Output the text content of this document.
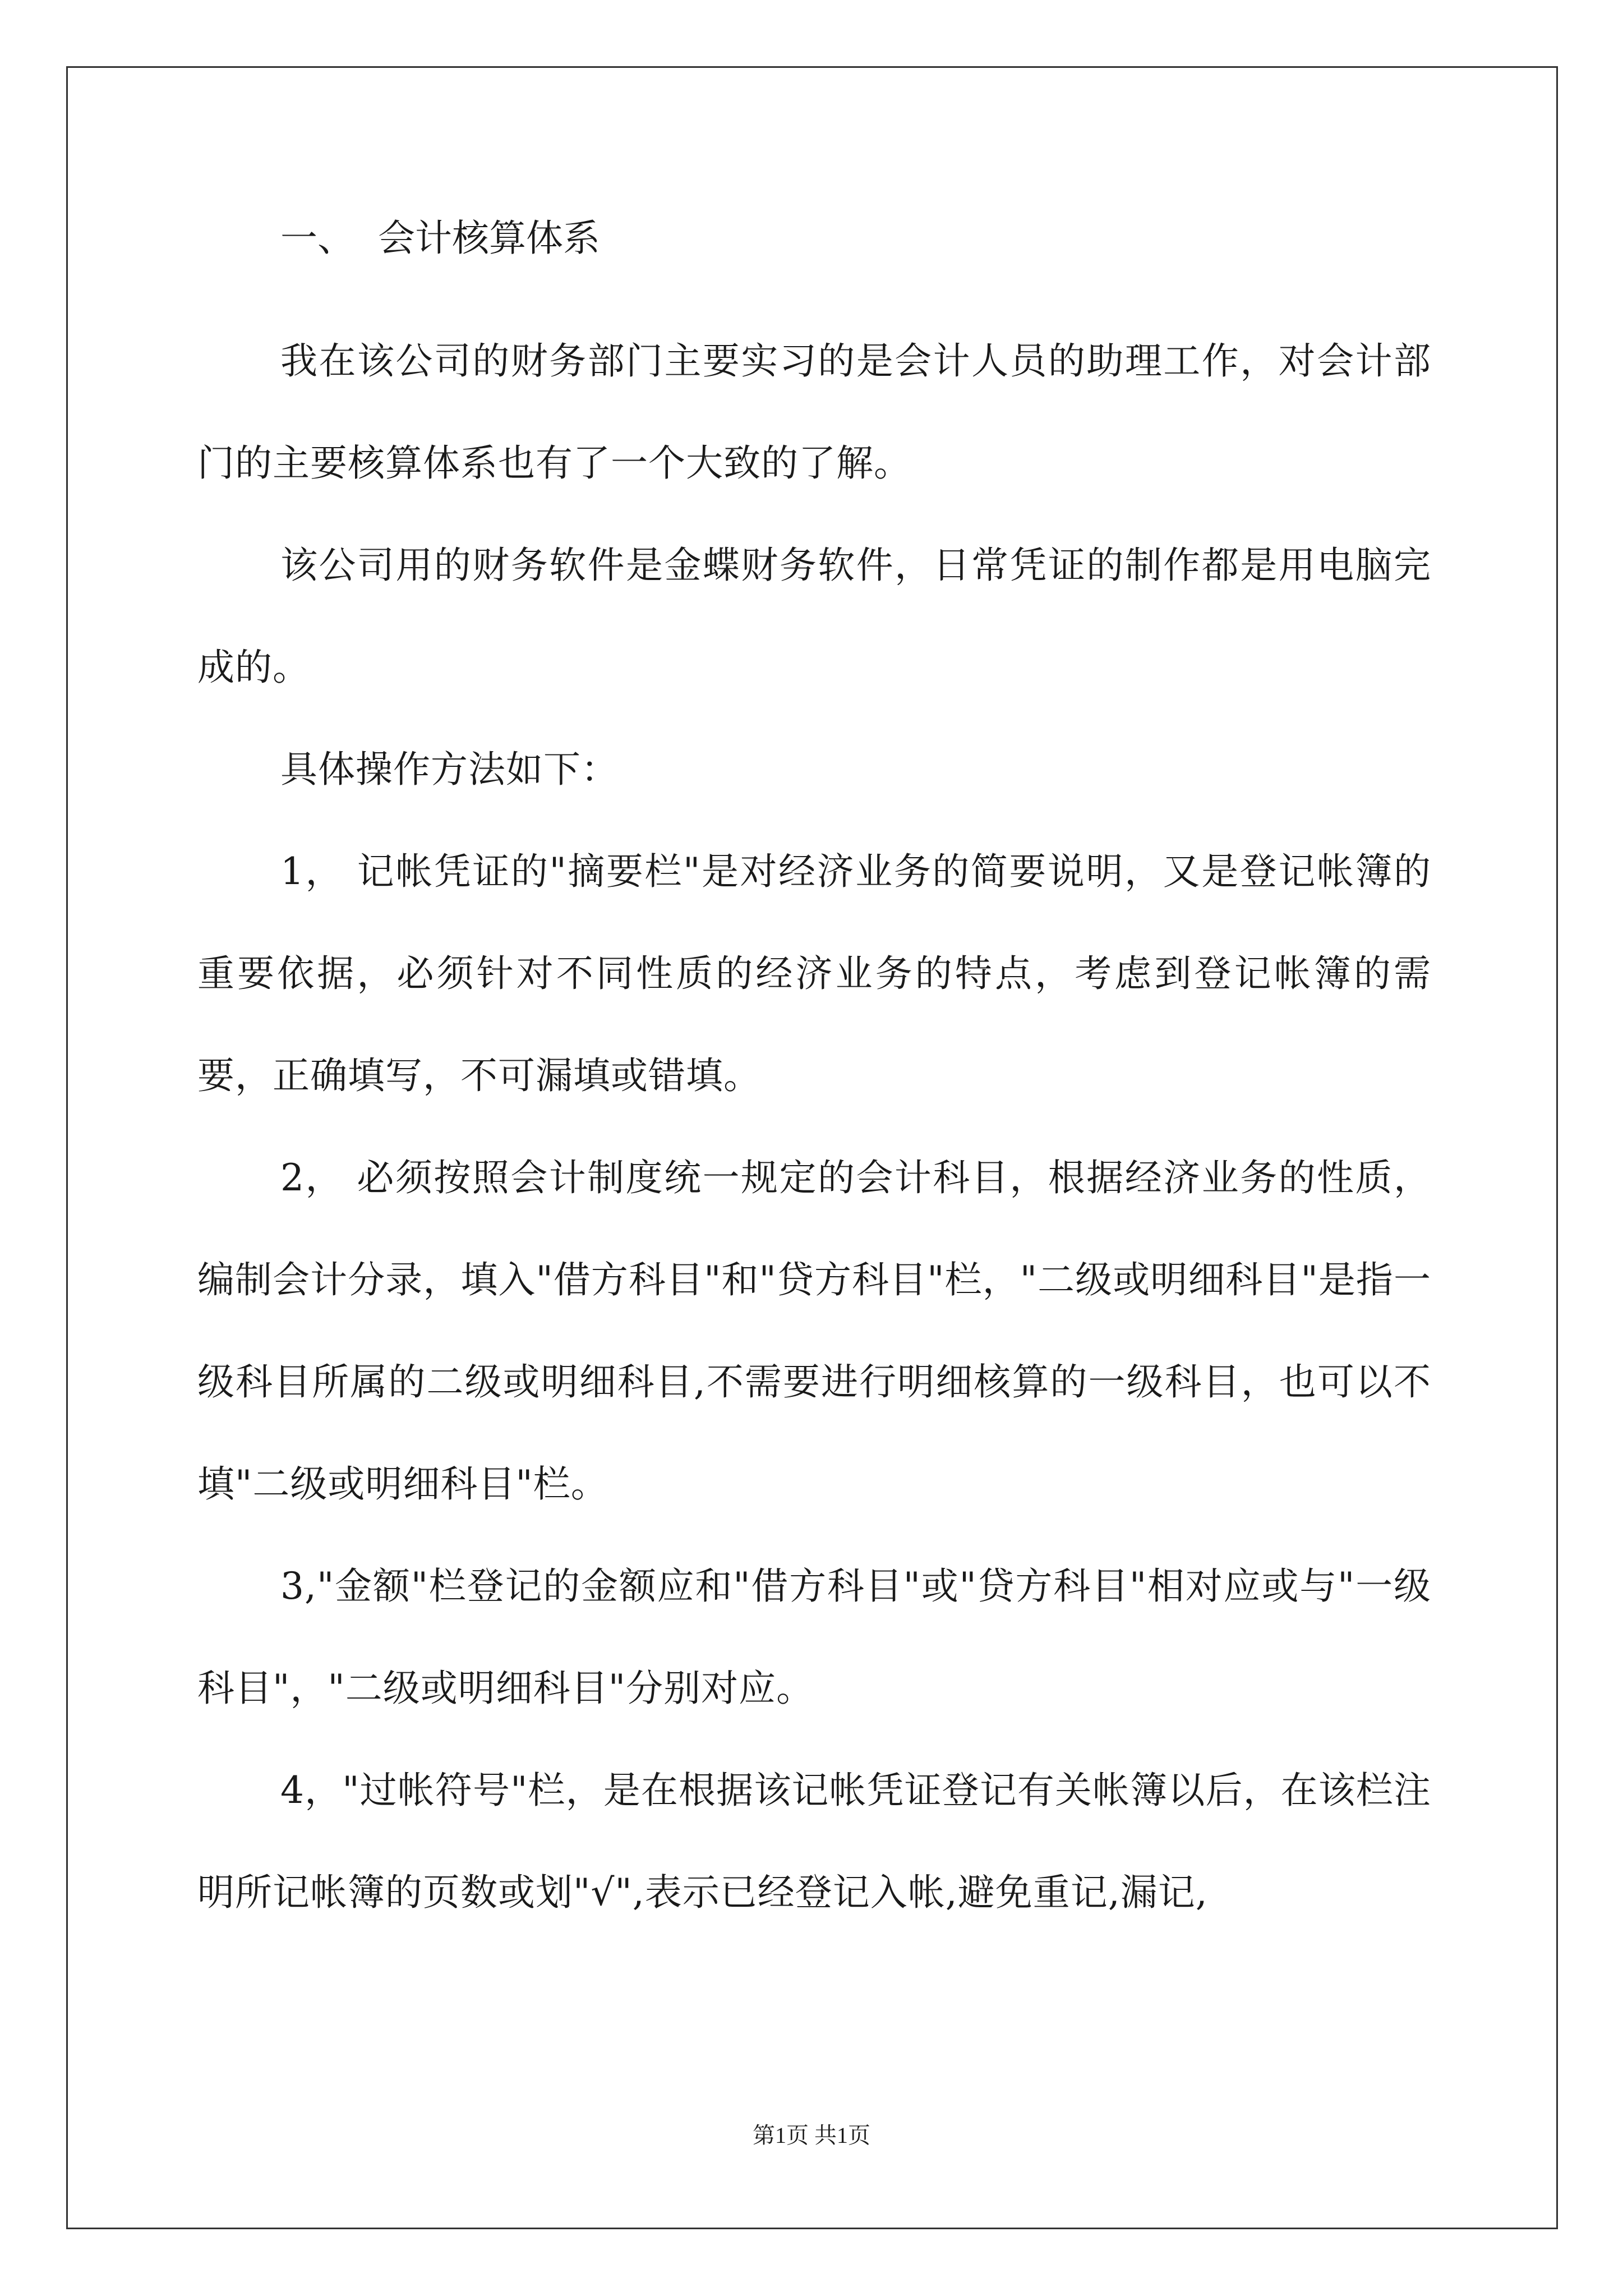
一、  会计核算体系

我在该公司的财务部门主要实习的是会计人员的助理工作，对会计部门的主要核算体系也有了一个大致的了解。

该公司用的财务软件是金蝶财务软件，日常凭证的制作都是用电脑完成的。

具体操作方法如下：

1， 记帐凭证的"摘要栏"是对经济业务的简要说明，又是登记帐簿的重要依据，必须针对不同性质的经济业务的特点，考虑到登记帐簿的需要，正确填写，不可漏填或错填。

2， 必须按照会计制度统一规定的会计科目，根据经济业务的性质，编制会计分录，填入"借方科目"和"贷方科目"栏，"二级或明细科目"是指一级科目所属的二级或明细科目,不需要进行明细核算的一级科目，也可以不填"二级或明细科目"栏。

3,"金额"栏登记的金额应和"借方科目"或"贷方科目"相对应或与"一级科目"，"二级或明细科目"分别对应。

4，"过帐符号"栏，是在根据该记帐凭证登记有关帐簿以后，在该栏注明所记帐簿的页数或划"√",表示已经登记入帐,避免重记,漏记,

第1页 共1页
